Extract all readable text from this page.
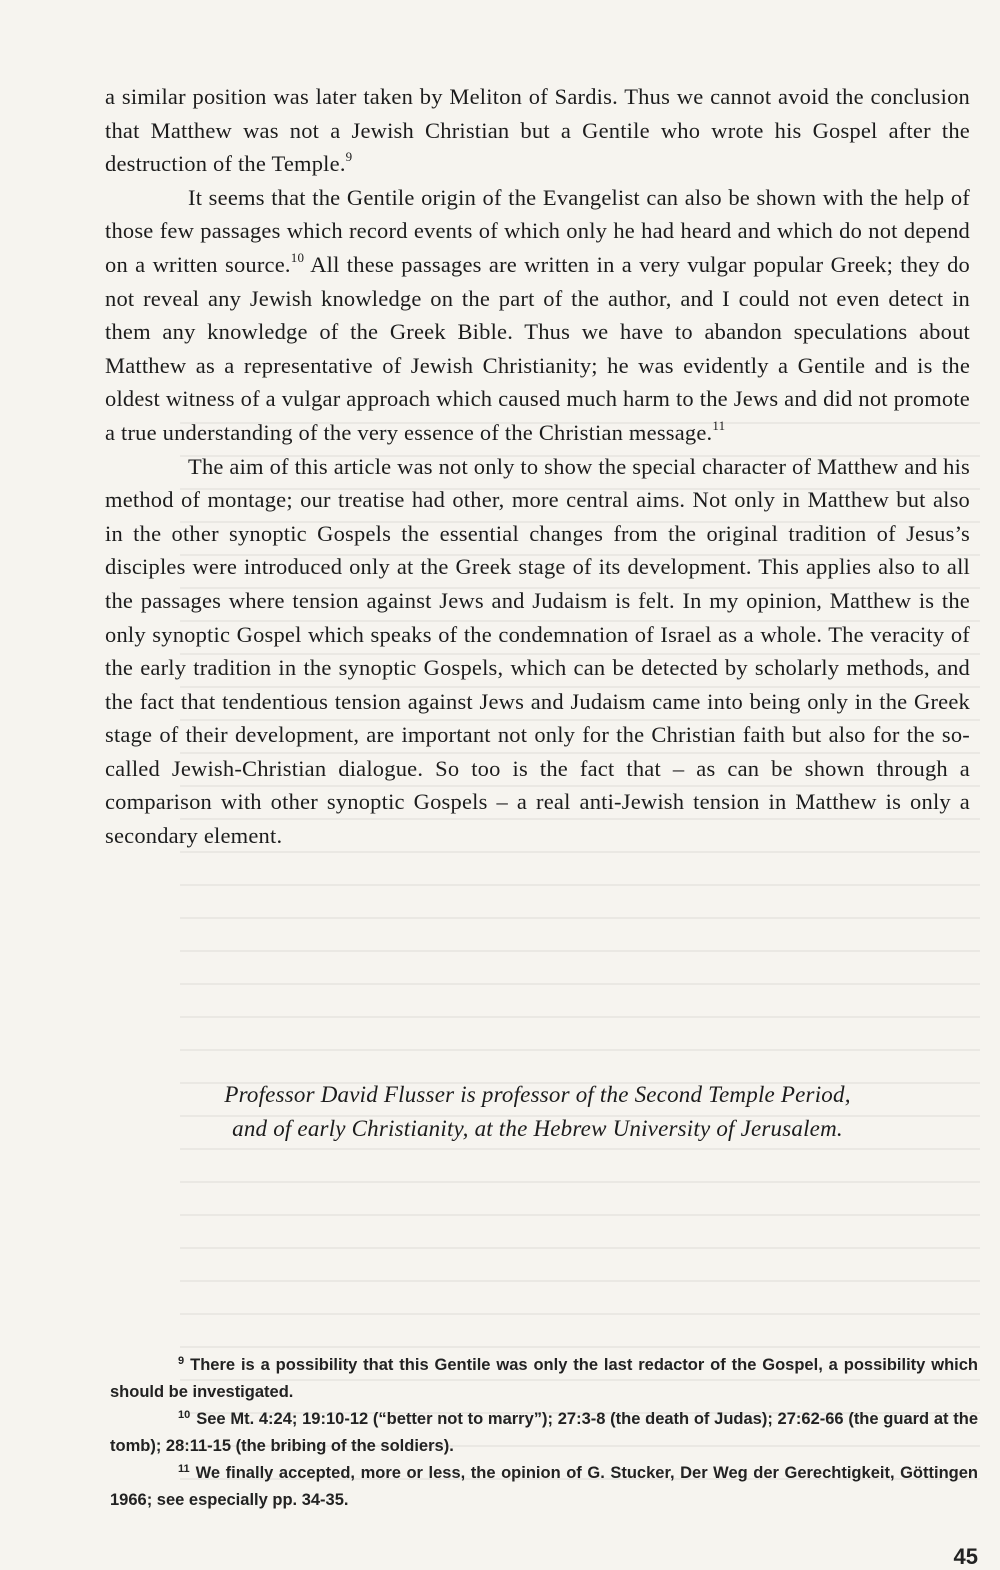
a similar position was later taken by Meliton of Sardis. Thus we cannot avoid the conclusion that Matthew was not a Jewish Christian but a Gentile who wrote his Gospel after the destruction of the Temple.$^9$

It seems that the Gentile origin of the Evangelist can also be shown with the help of those few passages which record events of which only he had heard and which do not depend on a written source.$^{10}$ All these passages are written in a very vulgar popular Greek; they do not reveal any Jewish knowledge on the part of the author, and I could not even detect in them any knowledge of the Greek Bible. Thus we have to abandon speculations about Matthew as a representative of Jewish Christianity; he was evidently a Gentile and is the oldest witness of a vulgar approach which caused much harm to the Jews and did not promote a true understanding of the very essence of the Christian message.$^{11}$

The aim of this article was not only to show the special character of Matthew and his method of montage; our treatise had other, more central aims. Not only in Matthew but also in the other synoptic Gospels the essential changes from the original tradition of Jesus’s disciples were introduced only at the Greek stage of its development. This applies also to all the passages where tension against Jews and Judaism is felt. In my opinion, Matthew is the only synoptic Gospel which speaks of the condemnation of Israel as a whole. The veracity of the early tradition in the synoptic Gospels, which can be detected by scholarly methods, and the fact that tendentious tension against Jews and Judaism came into being only in the Greek stage of their development, are important not only for the Christian faith but also for the so-called Jewish-Christian dialogue. So too is the fact that – as can be shown through a comparison with other synoptic Gospels – a real anti-Jewish tension in Matthew is only a secondary element.

Professor David Flusser is professor of the Second Temple Period,
and of early Christianity, at the Hebrew University of Jerusalem.

$^9$ There is a possibility that this Gentile was only the last redactor of the Gospel, a possibility which should be investigated.

$^{10}$ See Mt. 4:24; 19:10-12 (“better not to marry”); 27:3-8 (the death of Judas); 27:62-66 (the guard at the tomb); 28:11-15 (the bribing of the soldiers).

$^{11}$ We finally accepted, more or less, the opinion of G. Stucker, Der Weg der Gerechtigkeit, Göttingen 1966; see especially pp. 34-35.

45
